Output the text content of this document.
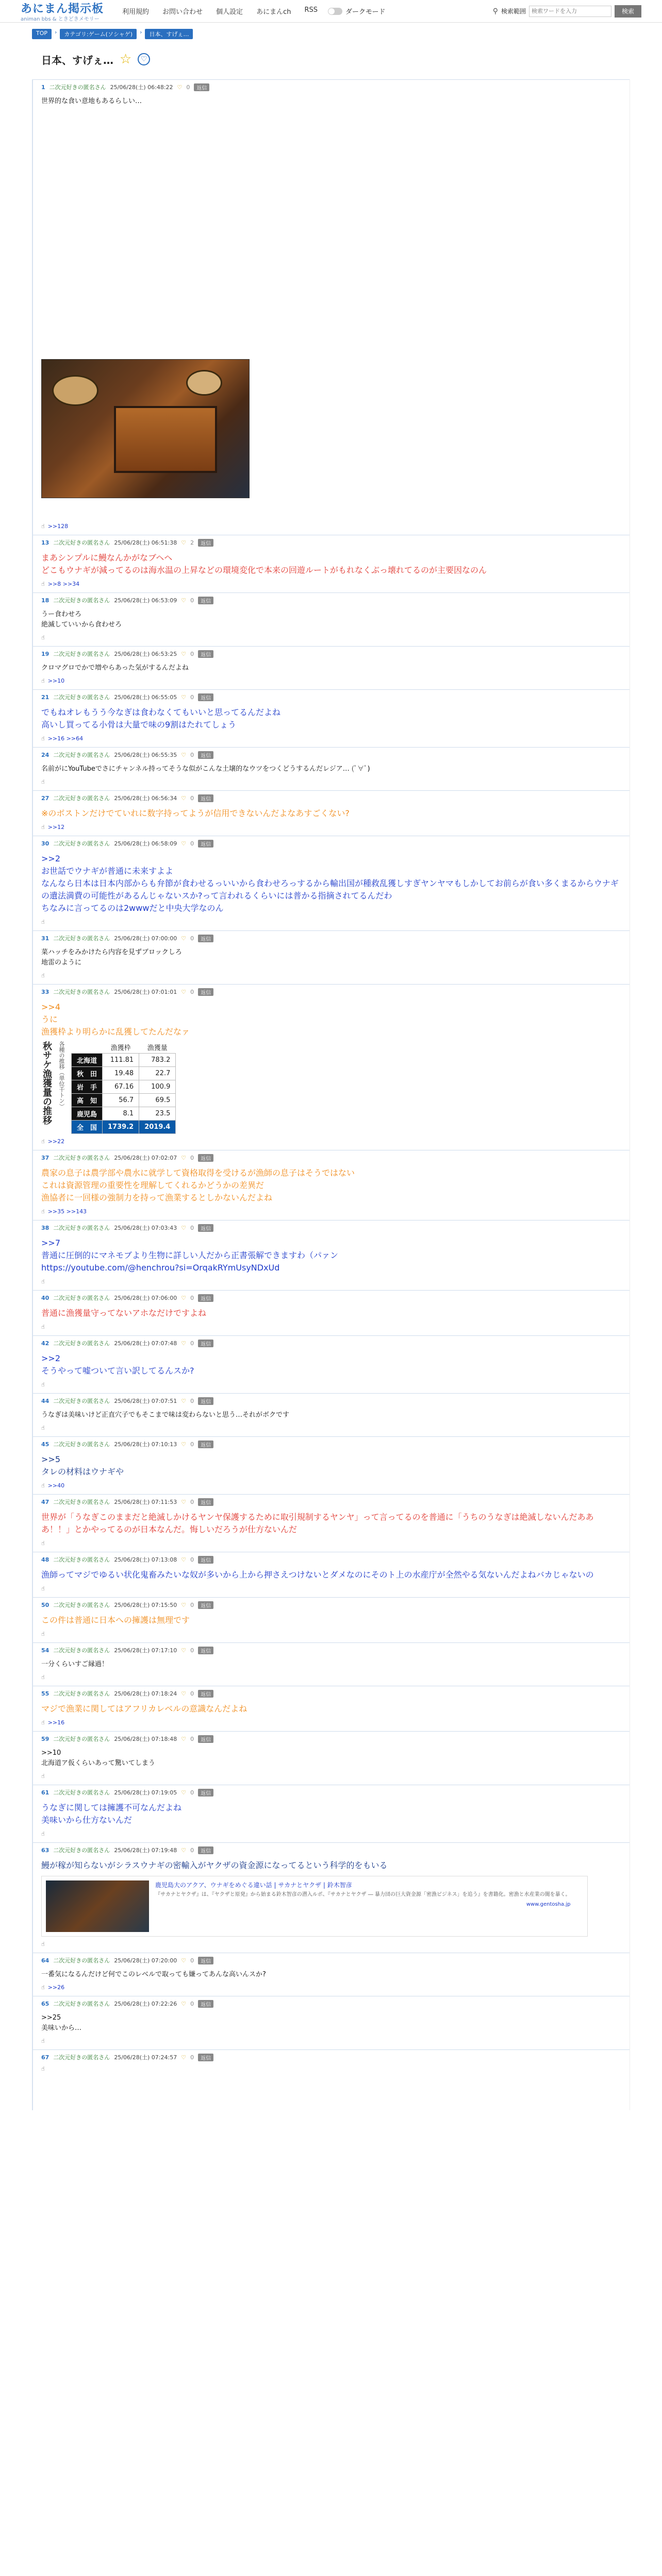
あにまん掲示板
animan bbs & ときどきメモリー
利用規約 お問い合わせ 個人設定 あにまんch RSS	ダークモード	⚲ 検索範囲
検索ワードを入力	検索
TOP	›	カテゴリ:ゲーム(ソシャゲ)	›	日本、すげぇ…
日本、すげぇ… ☆	♡
1 二次元好きの匿名さん 25/06/28(土) 06:48:22 ♡ 0	返信
世界的な食い意地もあるらしい…
☝ >>128
13 二次元好きの匿名さん 25/06/28(土) 06:51:38 ♡ 2	返信
まあシンプルに鰻なんかがなブヘヘ
どこもウナギが減ってるのは海水温の上昇などの環境変化で本来の回遊ルートがもれなくぶっ壊れてるのが主要因なのん
☝ >>8 >>34
18 二次元好きの匿名さん 25/06/28(土) 06:53:09 ♡ 0	返信
うー食わせろ
絶滅していいから食わせろ
☝
19 二次元好きの匿名さん 25/06/28(土) 06:53:25 ♡ 0	返信
クロマグロでかで増やらあった気がするんだよね
☝ >>10
21 二次元好きの匿名さん 25/06/28(土) 06:55:05 ♡ 0	返信
でもねオレもうう今なぎは食わなくてもいいと思ってるんだよね
高いし買ってる小骨は大量で味の9割はたれてしょう
☝ >>16 >>64
24 二次元好きの匿名さん 25/06/28(土) 06:55:35 ♡ 0	返信
名前がにYouTubeでさにチャンネル持ってそうな似がこんな土壌的なウツをつくどうするんだレジア… (ﾟ∀ﾟ)
☝
27 二次元好きの匿名さん 25/06/28(土) 06:56:34 ♡ 0	返信
※のボストンだけでていれに数字持ってようが信用できないんだよなあすごくない?
☝ >>12
30 二次元好きの匿名さん 25/06/28(土) 06:58:09 ♡ 0	返信
>>2
お世話でウナギが普通に未来すよよ
なんなら日本は日本内部からも弁節が食わせるっいいから食わせろっするから輸出国が種救乱獲しすぎヤンヤマもしかしてお前らが食い多くまるからウナギの遺法満費の可能性があるんじゃないスか?って言われるくらいには普かる指摘されてるんだわ
ちなみに言ってるのは2wwwだと中央大学なのん
☝
31 二次元好きの匿名さん 25/06/28(土) 07:00:00 ♡ 0	返信
菜ハッチをみかけたら内容を見ずブロックしろ
地雷のように
☝
33 二次元好きの匿名さん 25/06/28(土) 07:01:01 ♡ 0	返信
>>4
うに
漁獲枠より明らかに乱獲してたんだなァ
秋サケ漁獲量の推移 各種の推移（単位千トン）
		漁獲枠	漁獲量
北海道	111.81	783.2
秋　田	19.48	22.7
岩　手	67.16	100.9
高　知	56.7	69.5
鹿児島	8.1	23.5
全　国	1739.2	2019.4
☝ >>22
37 二次元好きの匿名さん 25/06/28(土) 07:02:07 ♡ 0	返信
農家の息子は農学部や農水に就学して資格取得を受けるが漁師の息子はそうではない
これは資源管理の重要性を理解してくれるかどうかの差異だ
漁協者に一回様の強制力を持って漁業するとしかないんだよね
☝ >>35 >>143
38 二次元好きの匿名さん 25/06/28(土) 07:03:43 ♡ 0	返信
>>7
普通に圧倒的にマネモブより生物に詳しい人だから正書張解できますわ（パァン
https://youtube.com/@henchrou?si=OrqakRYmUsyNDxUd
☝
40 二次元好きの匿名さん 25/06/28(土) 07:06:00 ♡ 0	返信
普通に漁獲量守ってないアホなだけですよね
☝
42 二次元好きの匿名さん 25/06/28(土) 07:07:48 ♡ 0	返信
>>2
そうやって嘘ついて言い訳してるんスか?
☝
44 二次元好きの匿名さん 25/06/28(土) 07:07:51 ♡ 0	返信
うなぎは美味いけど正直穴子でもそこまで味は変わらないと思う…それがボクです
☝
45 二次元好きの匿名さん 25/06/28(土) 07:10:13 ♡ 0	返信
>>5
タレの材料はウナギや
☝ >>40
47 二次元好きの匿名さん 25/06/28(土) 07:11:53 ♡ 0	返信
世界が「うなぎこのままだと絶滅しかけるヤンヤ保護するために取引規制するヤンヤ」って言ってるのを普通に「うちのうなぎは絶滅しないんだあああ！！」とかやってるのが日本なんだ。悔しいだろうが仕方ないんだ

☝
48 二次元好きの匿名さん 25/06/28(土) 07:13:08 ♡ 0	返信
漁師ってマジでゆるい状化鬼畜みたいな奴が多いから上から押さえつけないとダメなのにそのト上の水産庁が全然やる気ないんだよねバカじゃないの
☝
50 二次元好きの匿名さん 25/06/28(土) 07:15:50 ♡ 0	返信
この件は普通に日本への擁護は無理です
☝
54 二次元好きの匿名さん 25/06/28(土) 07:17:10 ♡ 0	返信
一分くらいすご縁過！
☝
55 二次元好きの匿名さん 25/06/28(土) 07:18:24 ♡ 0	返信
マジで漁業に関してはアフリカレベルの意識なんだよね
☝ >>16
59 二次元好きの匿名さん 25/06/28(土) 07:18:48 ♡ 0	返信
>>10
北海道ア仮くらいあって驚いてしまう
☝
61 二次元好きの匿名さん 25/06/28(土) 07:19:05 ♡ 0	返信
うなぎに関しては擁護不可なんだよね
美味いから仕方ないんだ
☝
63 二次元好きの匿名さん 25/06/28(土) 07:19:48 ♡ 0	返信
鰻が稼が知らないがシラスウナギの密輸入がヤクザの資金源になってるという科学的をもいる
鹿児島大のアクア、ウナギをめぐる違い話 | サカナとヤクザ | 鈴木智彦
『サカナとヤクザ』は、『ヤクザと原発』から始まる鈴木智彦の潜入ルポ、『サカナとヤクザ ― 暴力団の巨大資金源「密漁ビジネス」を追う』を書籍化。密漁と水産業の闇を暴く。
www.gentosha.jp
☝
64 二次元好きの匿名さん 25/06/28(土) 07:20:00 ♡ 0	返信
一番気になるんだけど何でこのレベルで取っても嫌ってあんな高いんスか?
☝ >>26
65 二次元好きの匿名さん 25/06/28(土) 07:22:26 ♡ 0	返信
>>25
美味いから…
☝
67 二次元好きの匿名さん 25/06/28(土) 07:24:57 ♡ 0	返信
☝
